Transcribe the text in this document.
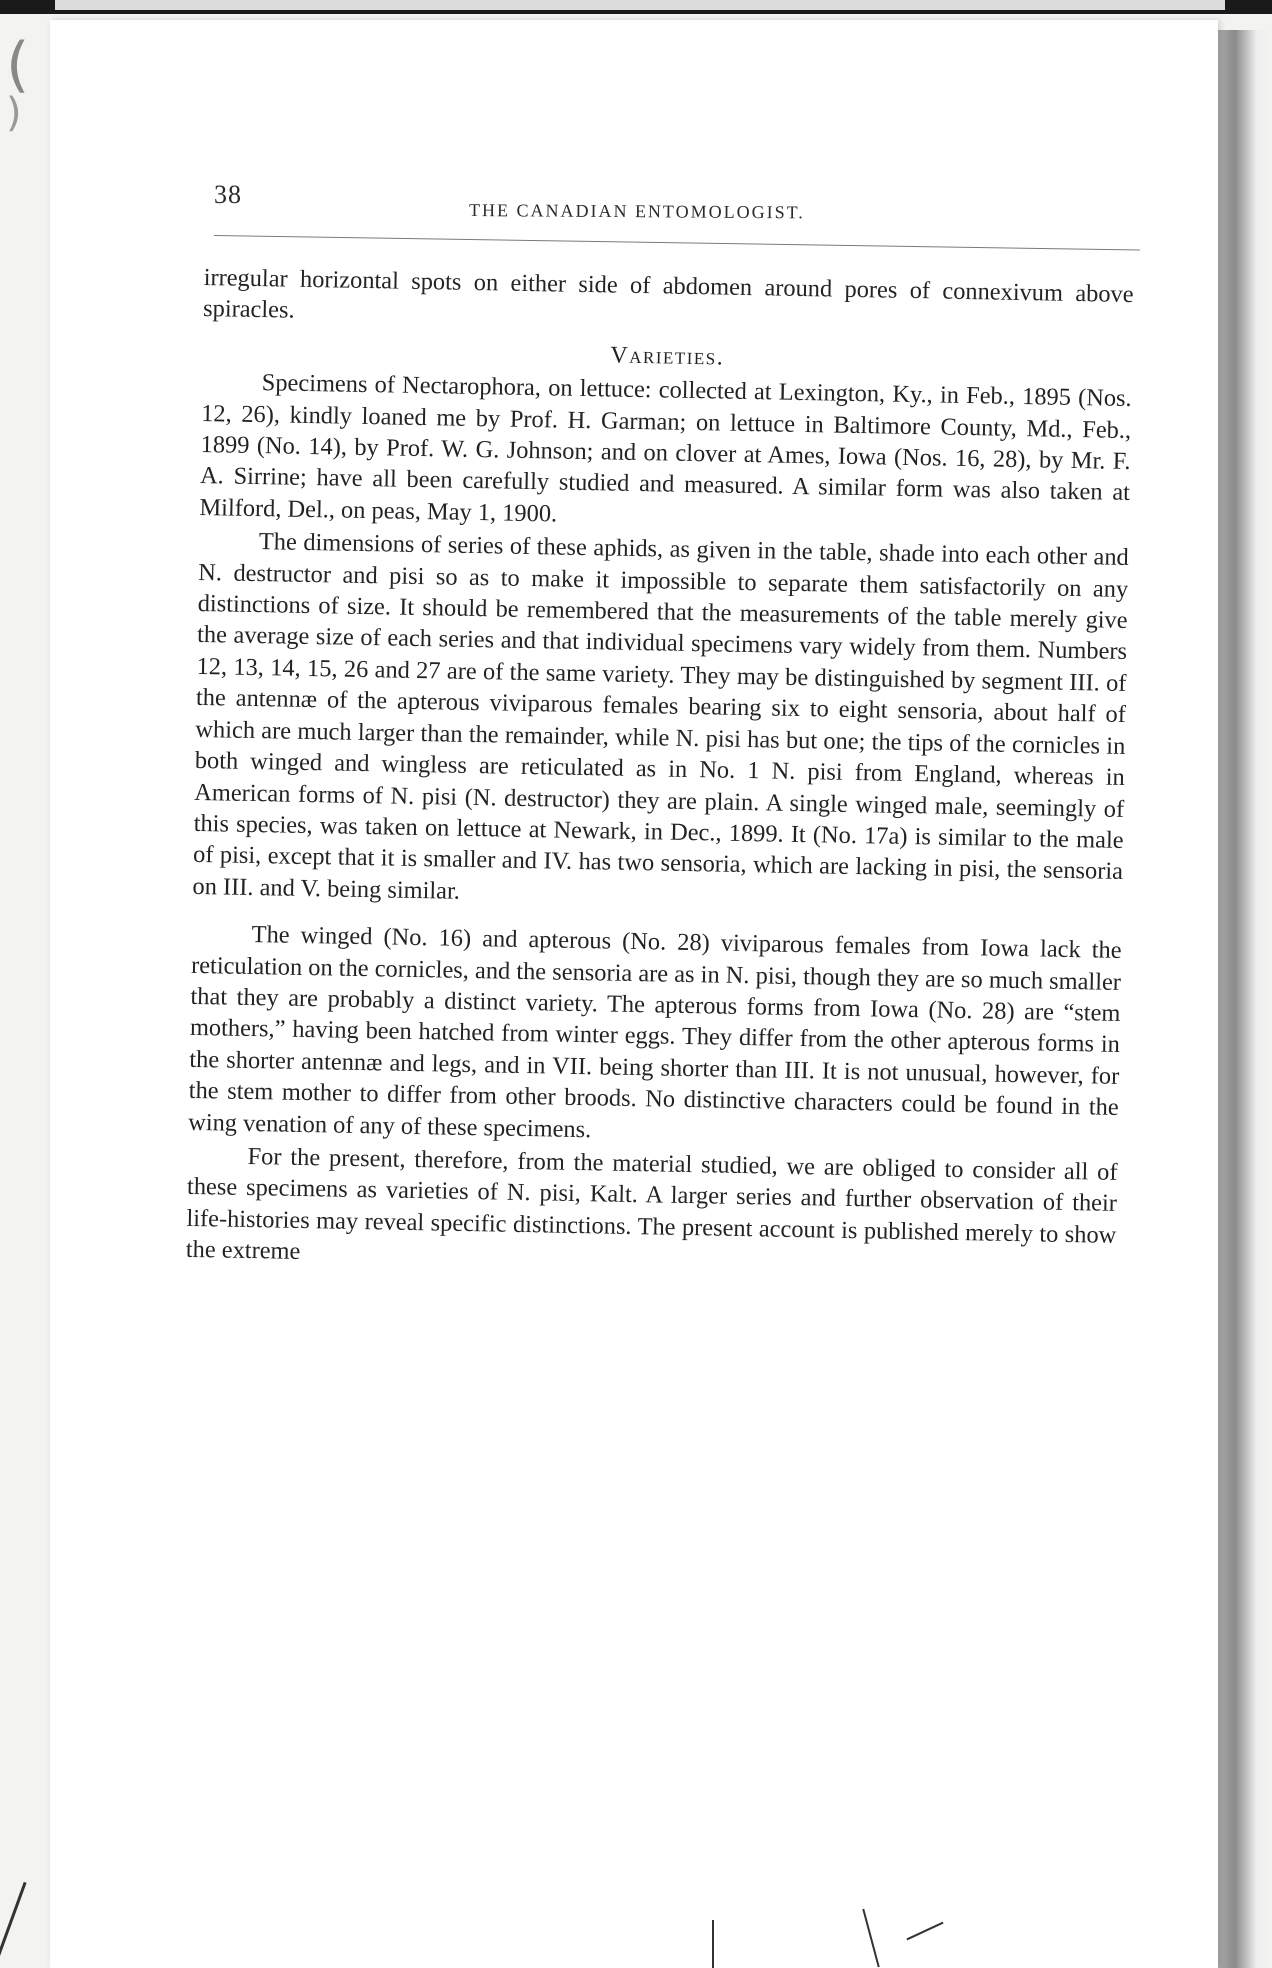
(
)
38
THE CANADIAN ENTOMOLOGIST.

irregular horizontal spots on either side of abdomen around pores of connexivum above spiracles.

Varieties.

Specimens of Nectarophora, on lettuce: collected at Lexington, Ky., in Feb., 1895 (Nos. 12, 26), kindly loaned me by Prof. H. Garman; on lettuce in Baltimore County, Md., Feb., 1899 (No. 14), by Prof. W. G. Johnson; and on clover at Ames, Iowa (Nos. 16, 28), by Mr. F. A. Sirrine; have all been carefully studied and measured. A similar form was also taken at Milford, Del., on peas, May 1, 1900.

The dimensions of series of these aphids, as given in the table, shade into each other and N. destructor and pisi so as to make it impossible to separate them satisfactorily on any distinctions of size. It should be remembered that the measurements of the table merely give the average size of each series and that individual specimens vary widely from them. Numbers 12, 13, 14, 15, 26 and 27 are of the same variety. They may be distinguished by segment III. of the antennæ of the apterous viviparous females bearing six to eight sensoria, about half of which are much larger than the remainder, while N. pisi has but one; the tips of the cornicles in both winged and wingless are reticulated as in No. 1 N. pisi from England, whereas in American forms of N. pisi (N. destructor) they are plain. A single winged male, seemingly of this species, was taken on lettuce at Newark, in Dec., 1899. It (No. 17a) is similar to the male of pisi, except that it is smaller and IV. has two sensoria, which are lacking in pisi, the sensoria on III. and V. being similar.

The winged (No. 16) and apterous (No. 28) viviparous females from Iowa lack the reticulation on the cornicles, and the sensoria are as in N. pisi, though they are so much smaller that they are probably a distinct variety. The apterous forms from Iowa (No. 28) are “stem mothers,” having been hatched from winter eggs. They differ from the other apterous forms in the shorter antennæ and legs, and in VII. being shorter than III. It is not unusual, however, for the stem mother to differ from other broods. No distinctive characters could be found in the wing venation of any of these specimens.

For the present, therefore, from the material studied, we are obliged to consider all of these specimens as varieties of N. pisi, Kalt. A larger series and further observation of their life-histories may reveal specific distinctions. The present account is published merely to show the extreme
